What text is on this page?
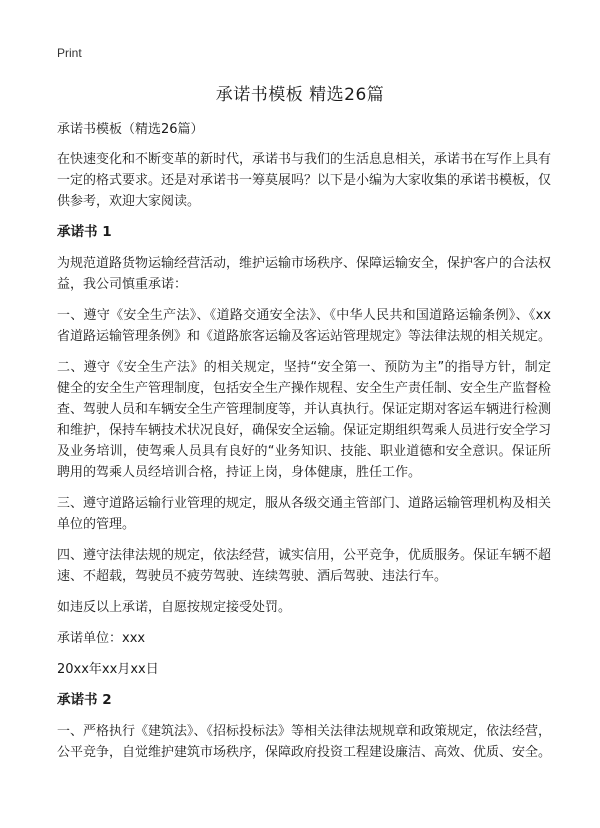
Print
承诺书模板 精选26篇

承诺书模板（精选26篇）

在快速变化和不断变革的新时代，承诺书与我们的生活息息相关，承诺书在写作上具有一定的格式要求。还是对承诺书一筹莫展吗？以下是小编为大家收集的承诺书模板，仅供参考，欢迎大家阅读。

承诺书 1

为规范道路货物运输经营活动，维护运输市场秩序、保障运输安全，保护客户的合法权益，我公司慎重承诺：

一、遵守《安全生产法》、《道路交通安全法》、《中华人民共和国道路运输条例》、《xx省道路运输管理条例》和《道路旅客运输及客运站管理规定》等法律法规的相关规定。

二、遵守《安全生产法》的相关规定，坚持“安全第一、预防为主”的指导方针，制定健全的安全生产管理制度，包括安全生产操作规程、安全生产责任制、安全生产监督检查、驾驶人员和车辆安全生产管理制度等，并认真执行。保证定期对客运车辆进行检测和维护，保持车辆技术状况良好，确保安全运输。保证定期组织驾乘人员进行安全学习及业务培训，使驾乘人员具有良好的“业务知识、技能、职业道德和安全意识。保证所聘用的驾乘人员经培训合格，持证上岗，身体健康，胜任工作。

三、遵守道路运输行业管理的规定，服从各级交通主管部门、道路运输管理机构及相关单位的管理。

四、遵守法律法规的规定，依法经营，诚实信用，公平竞争，优质服务。保证车辆不超速、不超载，驾驶员不疲劳驾驶、连续驾驶、酒后驾驶、违法行车。

如违反以上承诺，自愿按规定接受处罚。

承诺单位：xxx

20xx年xx月xx日

承诺书 2

一、严格执行《建筑法》、《招标投标法》等相关法律法规规章和政策规定，依法经营，公平竞争，自觉维护建筑市场秩序，保障政府投资工程建设廉洁、高效、优质、安全。
